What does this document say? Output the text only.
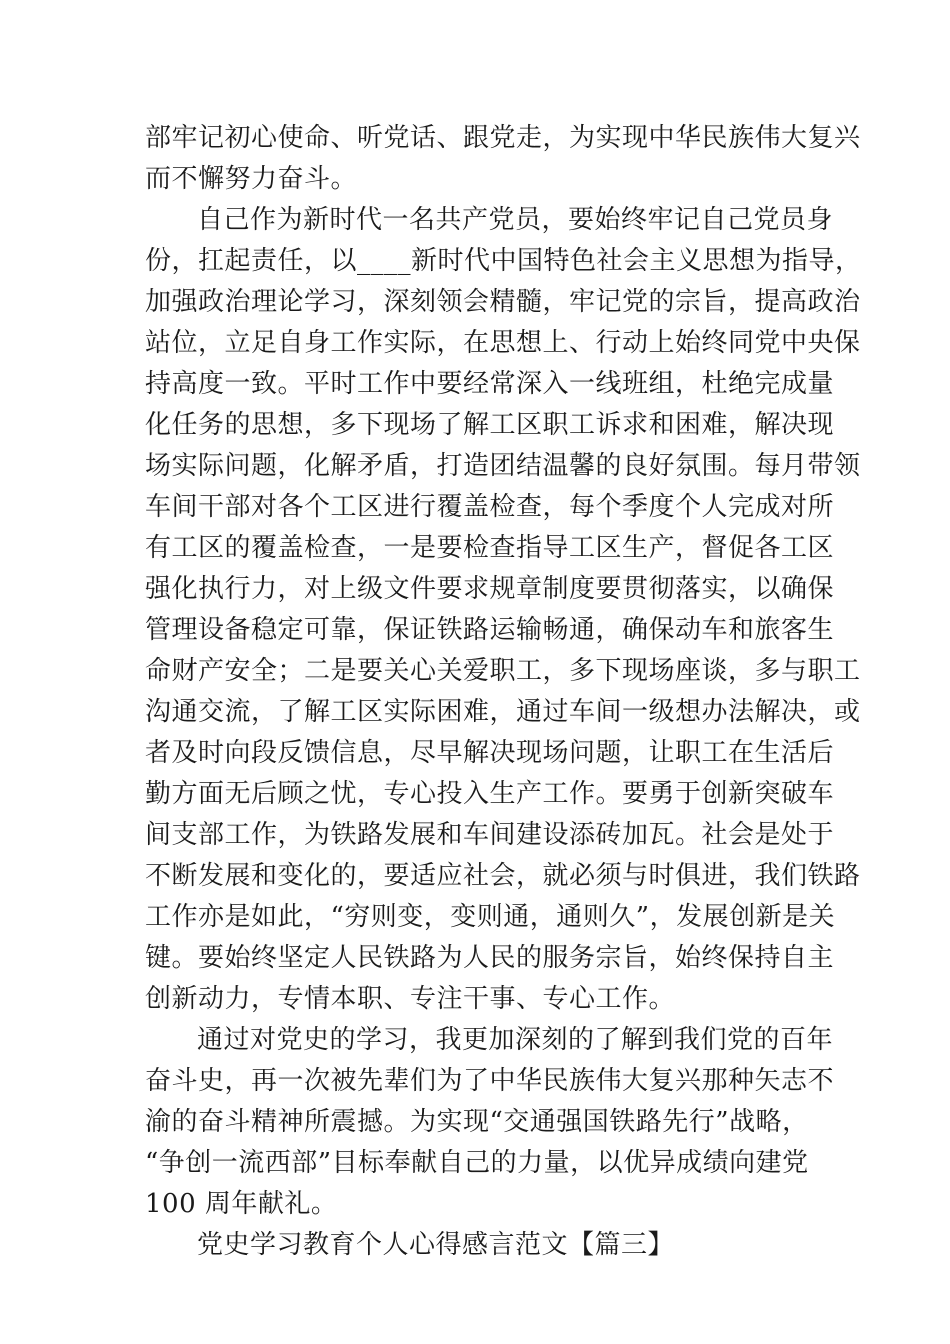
部牢记初心使命、听党话、跟党走，为实现中华民族伟大复兴
而不懈努力奋斗。
自己作为新时代一名共产党员，要始终牢记自己党员身
份，扛起责任，以____新时代中国特色社会主义思想为指导，
加强政治理论学习，深刻领会精髓，牢记党的宗旨，提高政治
站位，立足自身工作实际，在思想上、行动上始终同党中央保
持高度一致。平时工作中要经常深入一线班组，杜绝完成量
化任务的思想，多下现场了解工区职工诉求和困难，解决现
场实际问题，化解矛盾，打造团结温馨的良好氛围。每月带领
车间干部对各个工区进行覆盖检查，每个季度个人完成对所
有工区的覆盖检查，一是要检查指导工区生产，督促各工区
强化执行力，对上级文件要求规章制度要贯彻落实，以确保
管理设备稳定可靠，保证铁路运输畅通，确保动车和旅客生
命财产安全；二是要关心关爱职工，多下现场座谈，多与职工
沟通交流，了解工区实际困难，通过车间一级想办法解决，或
者及时向段反馈信息，尽早解决现场问题，让职工在生活后
勤方面无后顾之忧，专心投入生产工作。要勇于创新突破车
间支部工作，为铁路发展和车间建设添砖加瓦。社会是处于
不断发展和变化的，要适应社会，就必须与时俱进，我们铁路
工作亦是如此，“穷则变，变则通，通则久”，发展创新是关
键。要始终坚定人民铁路为人民的服务宗旨，始终保持自主
创新动力，专情本职、专注干事、专心工作。
通过对党史的学习，我更加深刻的了解到我们党的百年
奋斗史，再一次被先辈们为了中华民族伟大复兴那种矢志不
渝的奋斗精神所震撼。为实现“交通强国铁路先行”战略，
“争创一流西部”目标奉献自己的力量，以优异成绩向建党
100 周年献礼。
党史学习教育个人心得感言范文【篇三】
